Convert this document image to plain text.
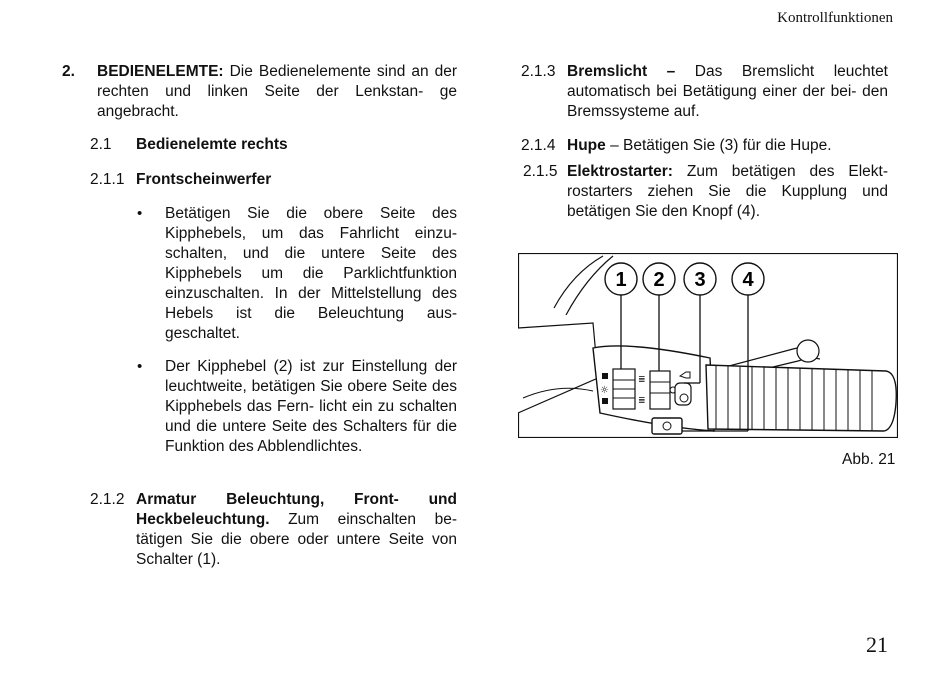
Kontrollfunktionen
2. BEDIENELEMTE: Die Bedienelemente sind an der rechten und linken Seite der Lenkstan- ge angebracht.
2.1 Bedienelemte rechts
2.1.1 Frontscheinwerfer
• Betätigen Sie die obere Seite des Kipphebels, um das Fahrlicht einzu- schalten, und die untere Seite des Kipphebels um die Parklichtfunktion einzuschalten. In der Mittelstellung des Hebels ist die Beleuchtung aus- geschaltet.
• Der Kipphebel (2) ist zur Einstellung der leuchtweite, betätigen Sie obere Seite des Kipphebels das Fern- licht ein zu schalten und die untere Seite des Schalters für die Funktion des Abblendlichtes.
2.1.2 Armatur Beleuchtung, Front- und Heckbeleuchtung. Zum einschalten be- tätigen Sie die obere oder untere Seite von Schalter (1).
2.1.3 Bremslicht – Das Bremslicht leuchtet automatisch bei Betätigung einer der bei- den Bremssysteme auf.
2.1.4 Hupe – Betätigen Sie (3) für die Hupe.
2.1.5 Elektrostarter: Zum betätigen des Elekt- rostarters ziehen Sie die Kupplung und betätigen Sie den Knopf (4).
☼
≣
≣
1 2 3 4
Abb. 21
21
